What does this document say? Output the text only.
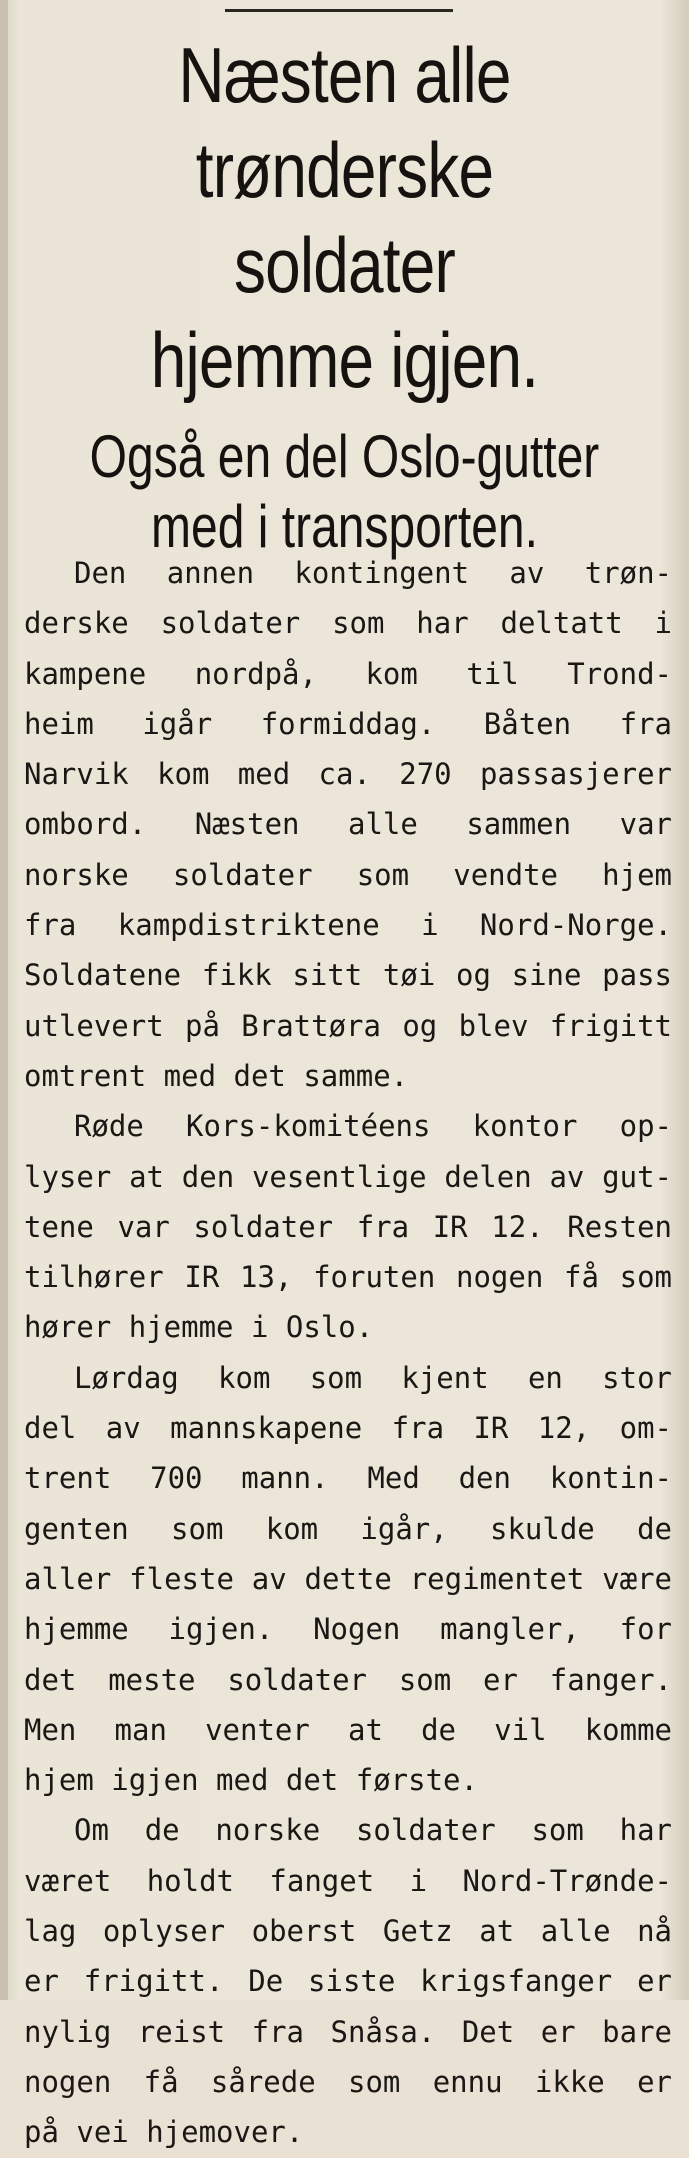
Næsten alle
trønderske soldater
hjemme igjen.
Også en del Oslo-gutter
med i transporten.

Den annen kontingent av trøn-
derske soldater som har deltatt i
kampene nordpå, kom til Trond-
heim igår formiddag. Båten fra
Narvik kom med ca. 270 passasjerer
ombord. Næsten alle sammen var
norske soldater som vendte hjem
fra kampdistriktene i Nord-Norge.
Soldatene fikk sitt tøi og sine pass
utlevert på Brattøra og blev frigitt
omtrent med det samme.

Røde Kors-komitéens kontor op-
lyser at den vesentlige delen av gut-
tene var soldater fra IR 12. Resten
tilhører IR 13, foruten nogen få som
hører hjemme i Oslo.

Lørdag kom som kjent en stor
del av mannskapene fra IR 12, om-
trent 700 mann. Med den kontin-
genten som kom igår, skulde de
aller fleste av dette regimentet være
hjemme igjen. Nogen mangler, for
det meste soldater som er fanger.
Men man venter at de vil komme
hjem igjen med det første.

Om de norske soldater som har
været holdt fanget i Nord-Trønde-
lag oplyser oberst Getz at alle nå
er frigitt. De siste krigsfanger er
nylig reist fra Snåsa. Det er bare
nogen få sårede som ennu ikke er
på vei hjemover.
